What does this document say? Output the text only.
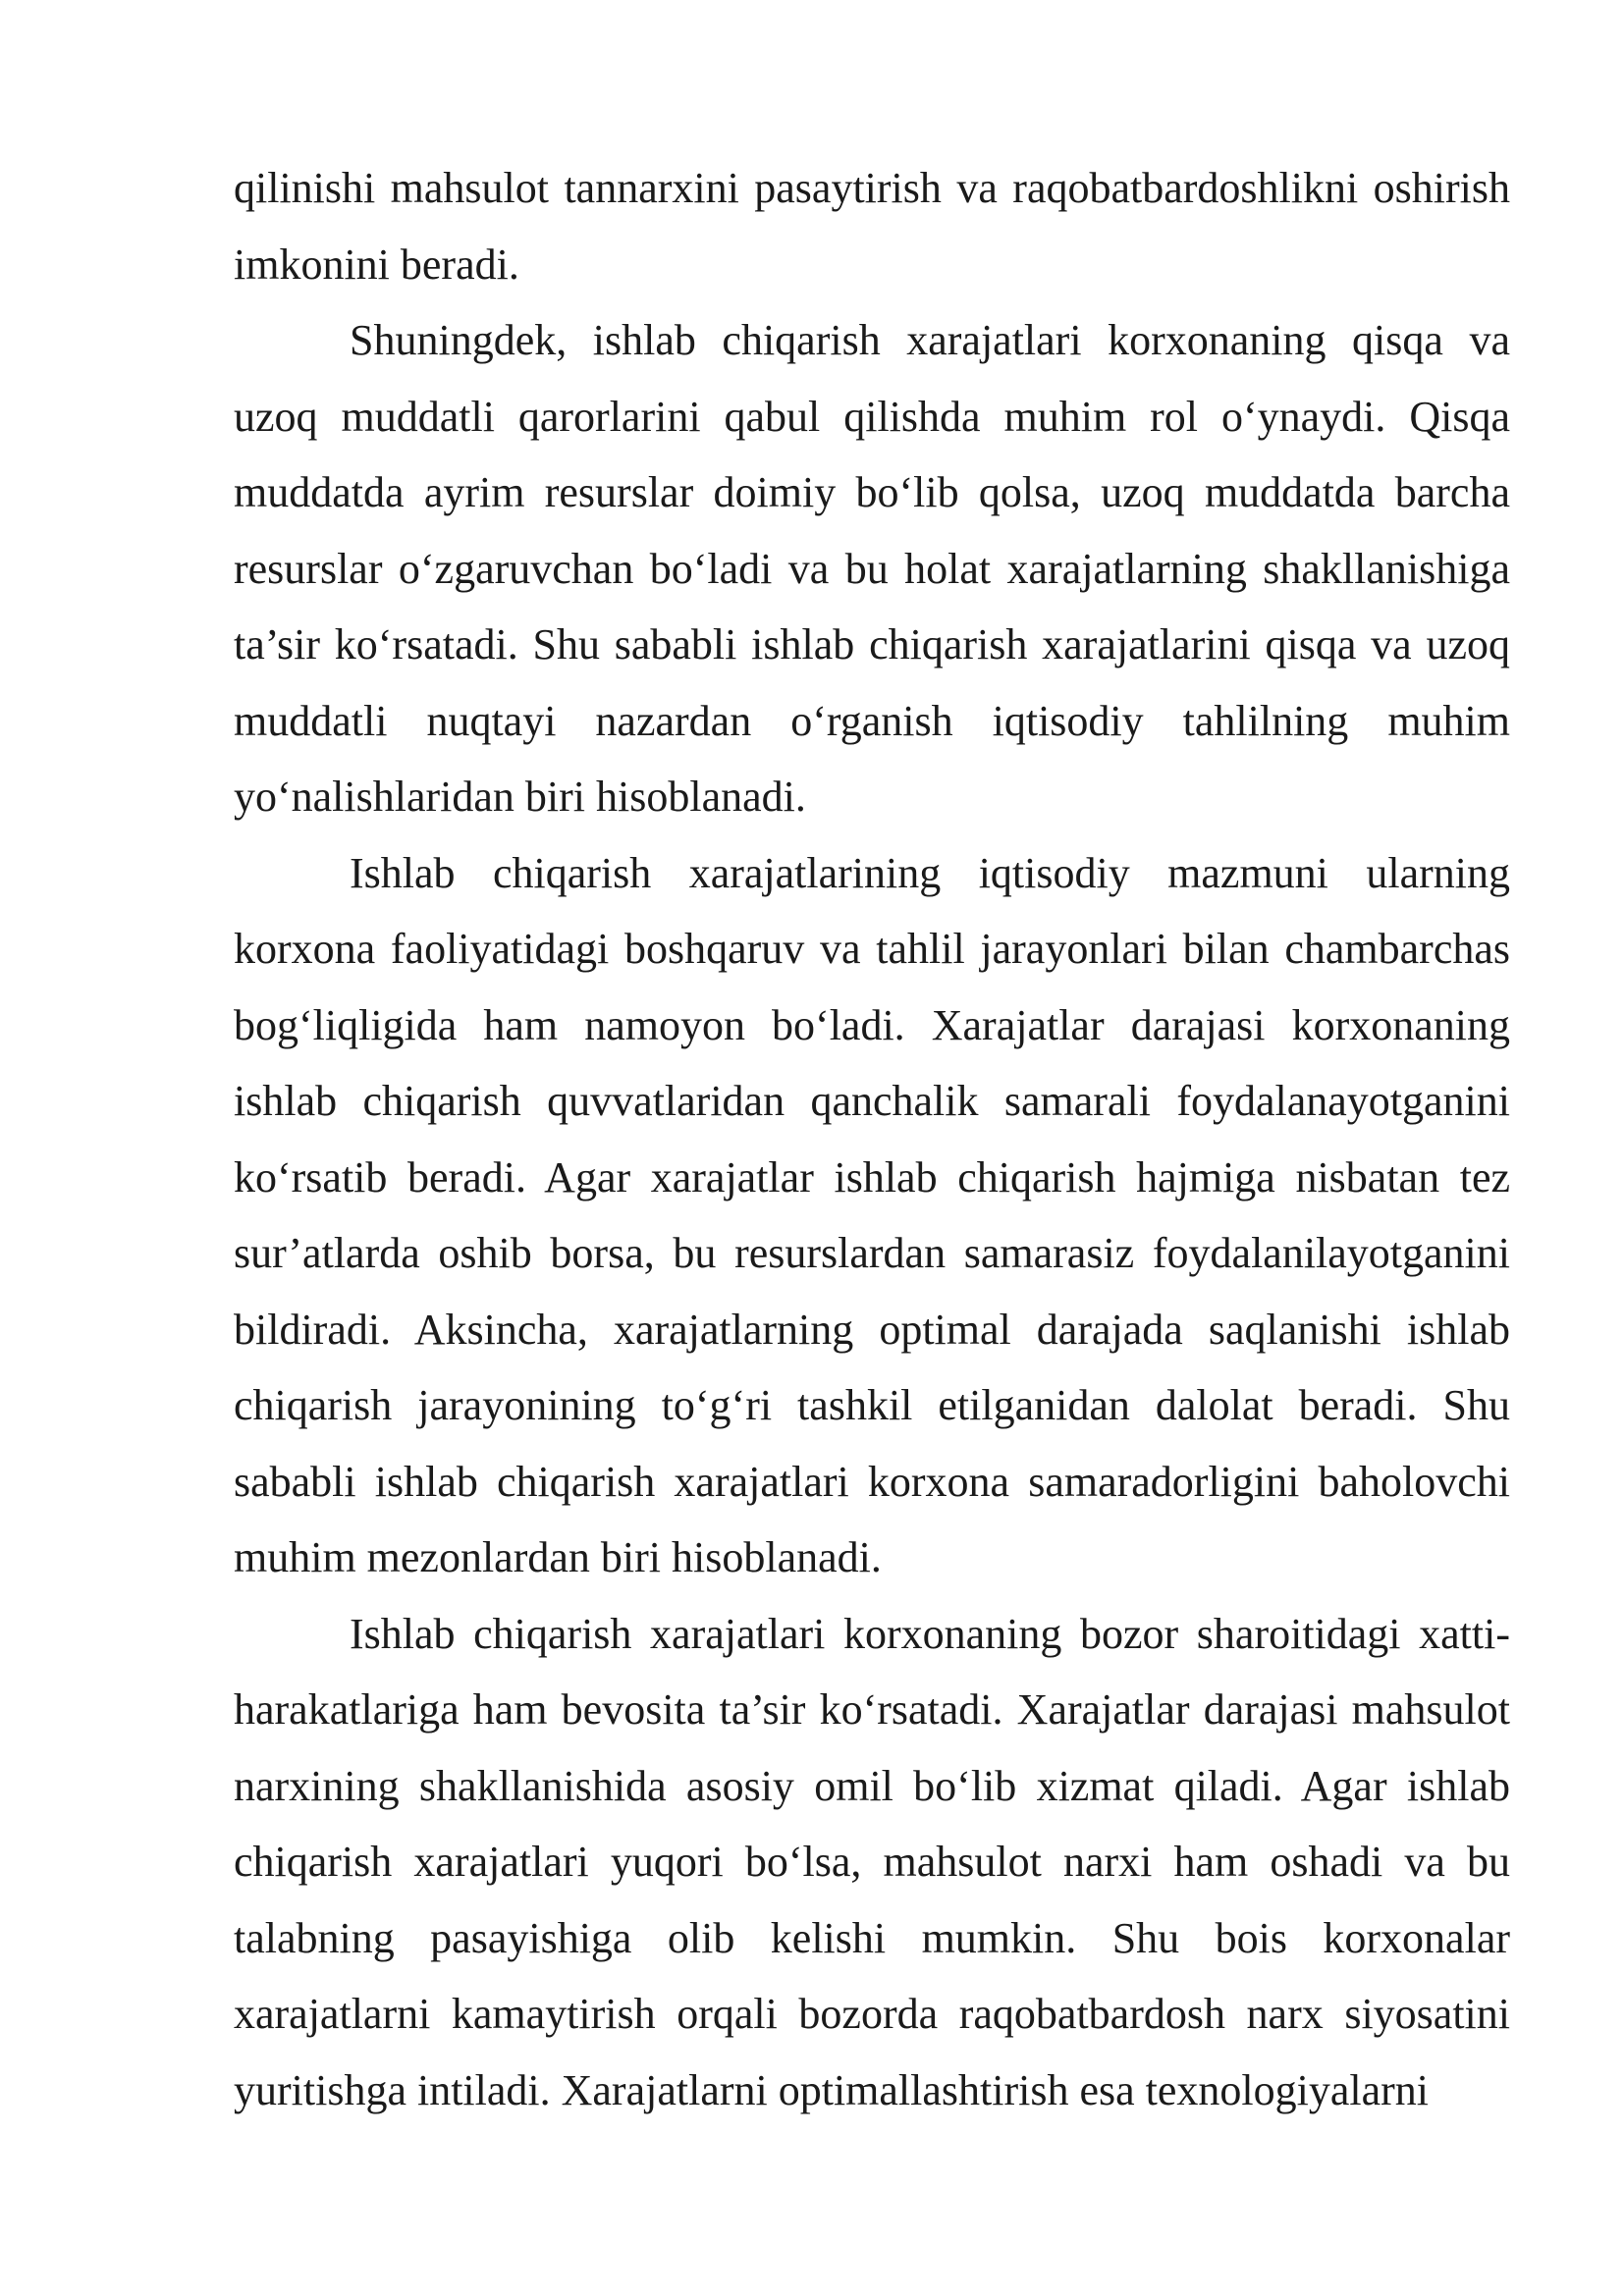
qilinishi mahsulot tannarxini pasaytirish va raqobatbardoshlikni oshirish imkonini beradi.

Shuningdek, ishlab chiqarish xarajatlari korxonaning qisqa va uzoq muddatli qarorlarini qabul qilishda muhim rol o‘ynaydi. Qisqa muddatda ayrim resurslar doimiy bo‘lib qolsa, uzoq muddatda barcha resurslar o‘zgaruvchan bo‘ladi va bu holat xarajatlarning shakllanishiga ta’sir ko‘rsatadi. Shu sababli ishlab chiqarish xarajatlarini qisqa va uzoq muddatli nuqtayi nazardan o‘rganish iqtisodiy tahlilning muhim yo‘nalishlaridan biri hisoblanadi.

Ishlab chiqarish xarajatlarining iqtisodiy mazmuni ularning korxona faoliyatidagi boshqaruv va tahlil jarayonlari bilan chambarchas bog‘liqligida ham namoyon bo‘ladi. Xarajatlar darajasi korxonaning ishlab chiqarish quvvatlaridan qanchalik samarali foydalanayotganini ko‘rsatib beradi. Agar xarajatlar ishlab chiqarish hajmiga nisbatan tez sur’atlarda oshib borsa, bu resurslardan samarasiz foydalanilayotganini bildiradi. Aksincha, xarajatlarning optimal darajada saqlanishi ishlab chiqarish jarayonining to‘g‘ri tashkil etilganidan dalolat beradi. Shu sababli ishlab chiqarish xarajatlari korxona samaradorligini baholovchi muhim mezonlardan biri hisoblanadi.

Ishlab chiqarish xarajatlari korxonaning bozor sharoitidagi xatti-harakatlariga ham bevosita ta’sir ko‘rsatadi. Xarajatlar darajasi mahsulot narxining shakllanishida asosiy omil bo‘lib xizmat qiladi. Agar ishlab chiqarish xarajatlari yuqori bo‘lsa, mahsulot narxi ham oshadi va bu talabning pasayishiga olib kelishi mumkin. Shu bois korxonalar xarajatlarni kamaytirish orqali bozorda raqobatbardosh narx siyosatini yuritishga intiladi. Xarajatlarni optimallashtirish esa texnologiyalarni
